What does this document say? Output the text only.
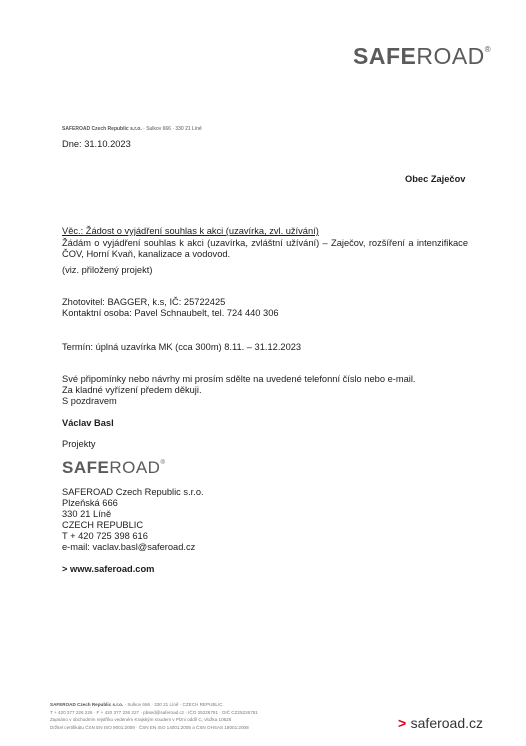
SAFEROAD®
SAFEROAD Czech Republic s.r.o. · Sulkov 666 · 330 21 Líně
Dne: 31.10.2023
Obec Zaječov
Věc.: Žádost o vyjádření souhlas k akci (uzavírka, zvl. užívání)
Žádám o vyjádření souhlas k akci (uzavírka, zvláštní užívání) – Zaječov, rozšíření a intenzifikace ČOV, Horní Kvaň, kanalizace a vodovod.
(viz. přiložený projekt)
Zhotovitel: BAGGER, k.s, IČ: 25722425
Kontaktní osoba: Pavel Schnaubelt, tel. 724 440 306
Termín: úplná uzavírka MK (cca 300m) 8.11. – 31.12.2023
Své připomínky nebo návrhy mi prosím sdělte na uvedené telefonní číslo nebo e-mail.
Za kladné vyřízení předem děkuji.
S pozdravem
Václav Basl
Projekty
SAFEROAD®
SAFEROAD Czech Republic s.r.o.
Plzeňská 666
330 21 Líně
CZECH REPUBLIC
T + 420 725 398 616
e-mail: vaclav.basl@saferoad.cz
> www.saferoad.com
SAFEROAD Czech Republic s.r.o. · Sulkov 666 · 330 21 Líně · CZECH REPUBLIC
T + 420 377 226 226 · F + 420 377 226 227 · pbsed@saferoad.cz · IČO 25226781 · DIČ CZ25226781
Zapsáno v obchodním rejstříku vedeném Krajským soudem v Plzni oddíl C, vložka 10625
Držitel certifikátu ČSN EN ISO 9001:2009 · ČSN EN ISO 14001:2005 a ČSN OHSAS 18001:2008	> saferoad.cz
